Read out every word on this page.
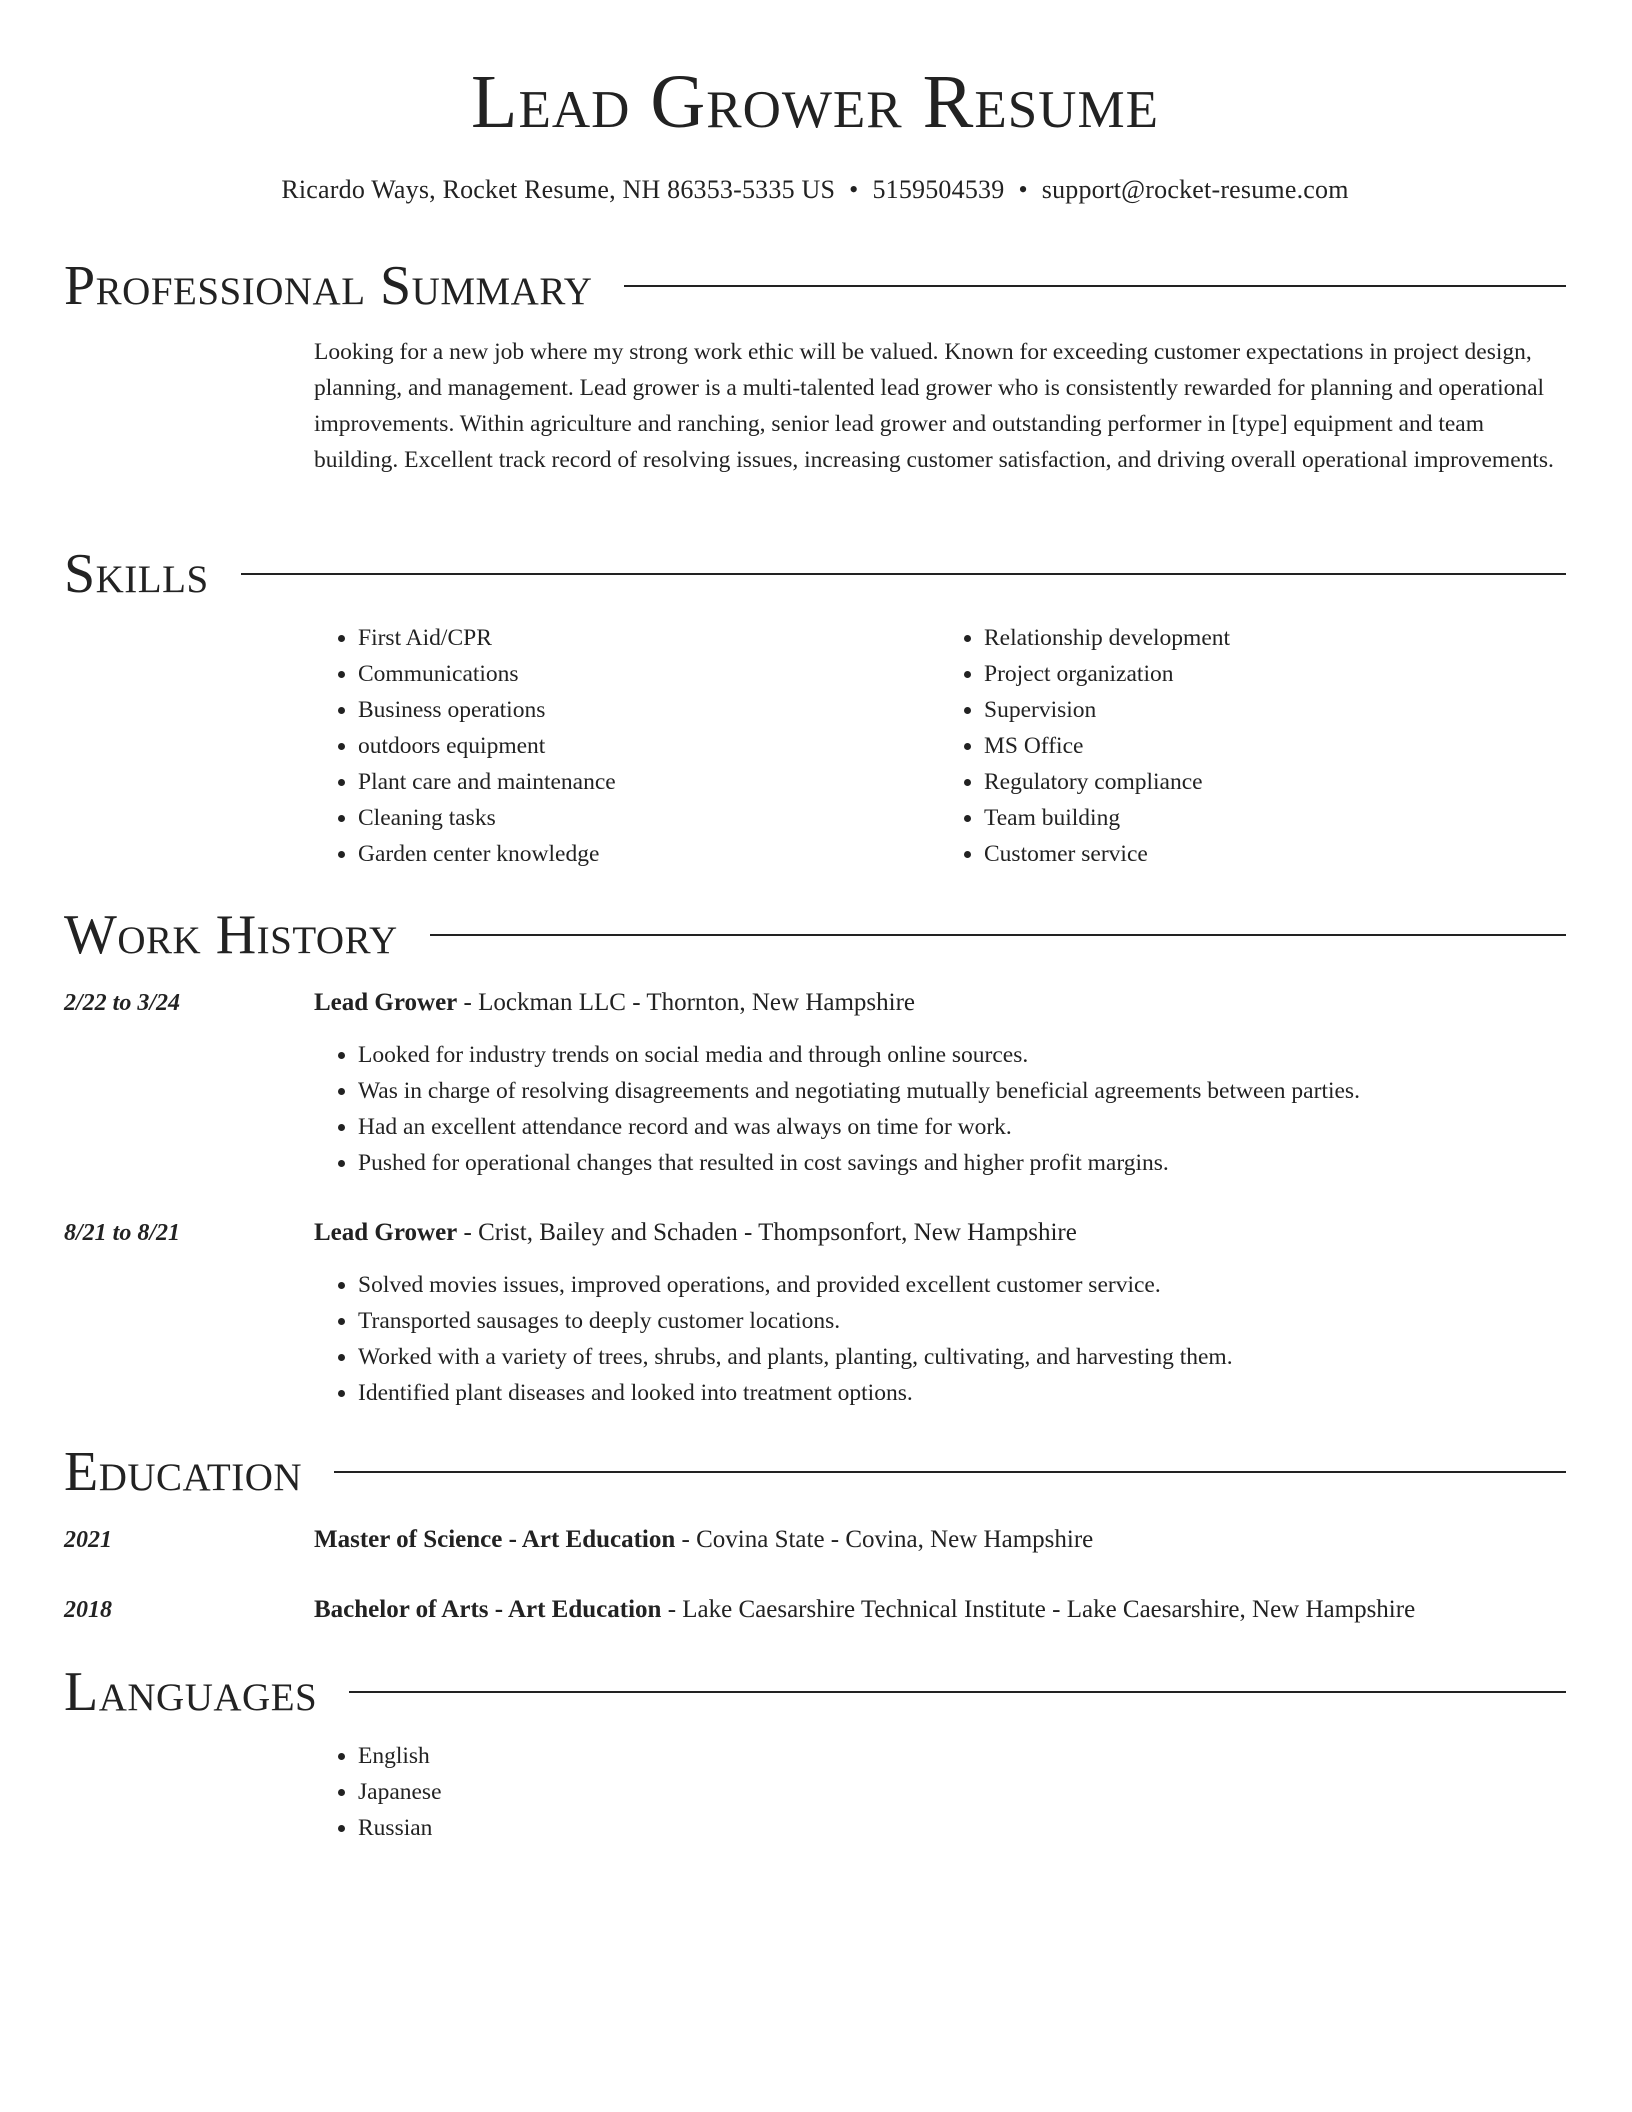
Lead Grower Resume
Ricardo Ways, Rocket Resume, NH 86353-5335 US • 5159504539 • support@rocket-resume.com
Professional Summary

Looking for a new job where my strong work ethic will be valued. Known for exceeding customer expectations in project design, planning, and management. Lead grower is a multi-talented lead grower who is consistently rewarded for planning and operational improvements. Within agriculture and ranching, senior lead grower and outstanding performer in [type] equipment and team building. Excellent track record of resolving issues, increasing customer satisfaction, and driving overall operational improvements.

Skills
• First Aid/CPR
• Communications
• Business operations
• outdoors equipment
• Plant care and maintenance
• Cleaning tasks
• Garden center knowledge
• Relationship development
• Project organization
• Supervision
• MS Office
• Regulatory compliance
• Team building
• Customer service
Work History
2/22 to 3/24	Lead Grower - Lockman LLC - Thornton, New Hampshire
• Looked for industry trends on social media and through online sources.
• Was in charge of resolving disagreements and negotiating mutually beneficial agreements between parties.
• Had an excellent attendance record and was always on time for work.
• Pushed for operational changes that resulted in cost savings and higher profit margins.
8/21 to 8/21	Lead Grower - Crist, Bailey and Schaden - Thompsonfort, New Hampshire
• Solved movies issues, improved operations, and provided excellent customer service.
• Transported sausages to deeply customer locations.
• Worked with a variety of trees, shrubs, and plants, planting, cultivating, and harvesting them.
• Identified plant diseases and looked into treatment options.
Education
2021	Master of Science - Art Education - Covina State - Covina, New Hampshire
2018	Bachelor of Arts - Art Education - Lake Caesarshire Technical Institute - Lake Caesarshire, New Hampshire
Languages
• English
• Japanese
• Russian
